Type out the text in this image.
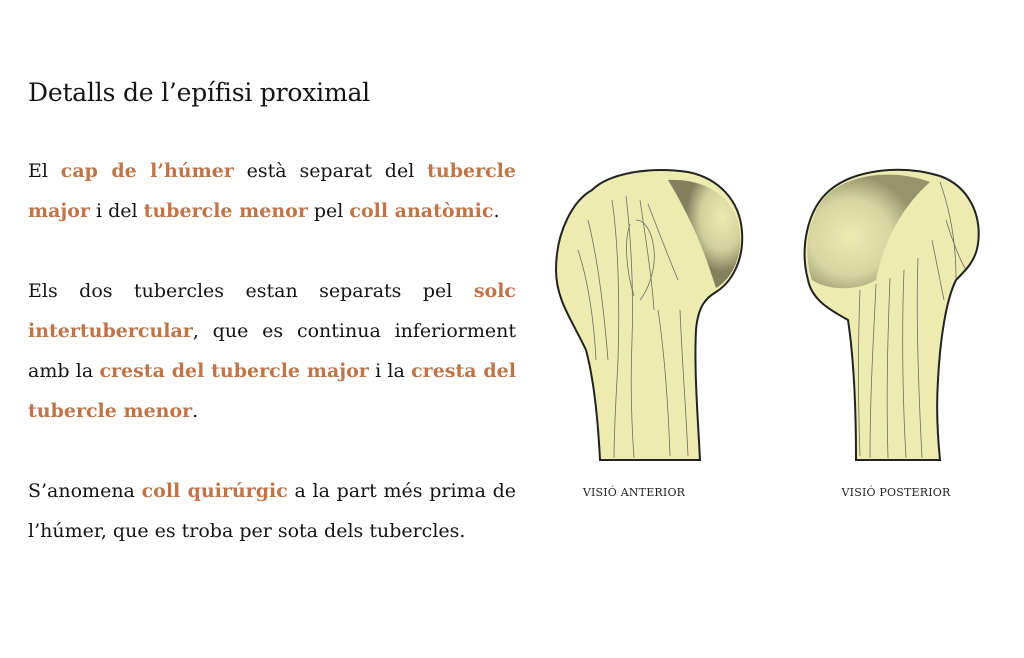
Detalls de l’epífisi proximal

El cap de l’húmer està separat del tubercle major i del tubercle menor pel coll anatòmic.

Els dos tubercles estan separats pel solc intertubercular, que es continua inferiorment amb la cresta del tubercle major i la cresta del tubercle menor.

S’anomena coll quirúrgic a la part més prima de l’húmer, que es troba per sota dels tubercles.

VISIÓ ANTERIOR	VISIÓ POSTERIOR
